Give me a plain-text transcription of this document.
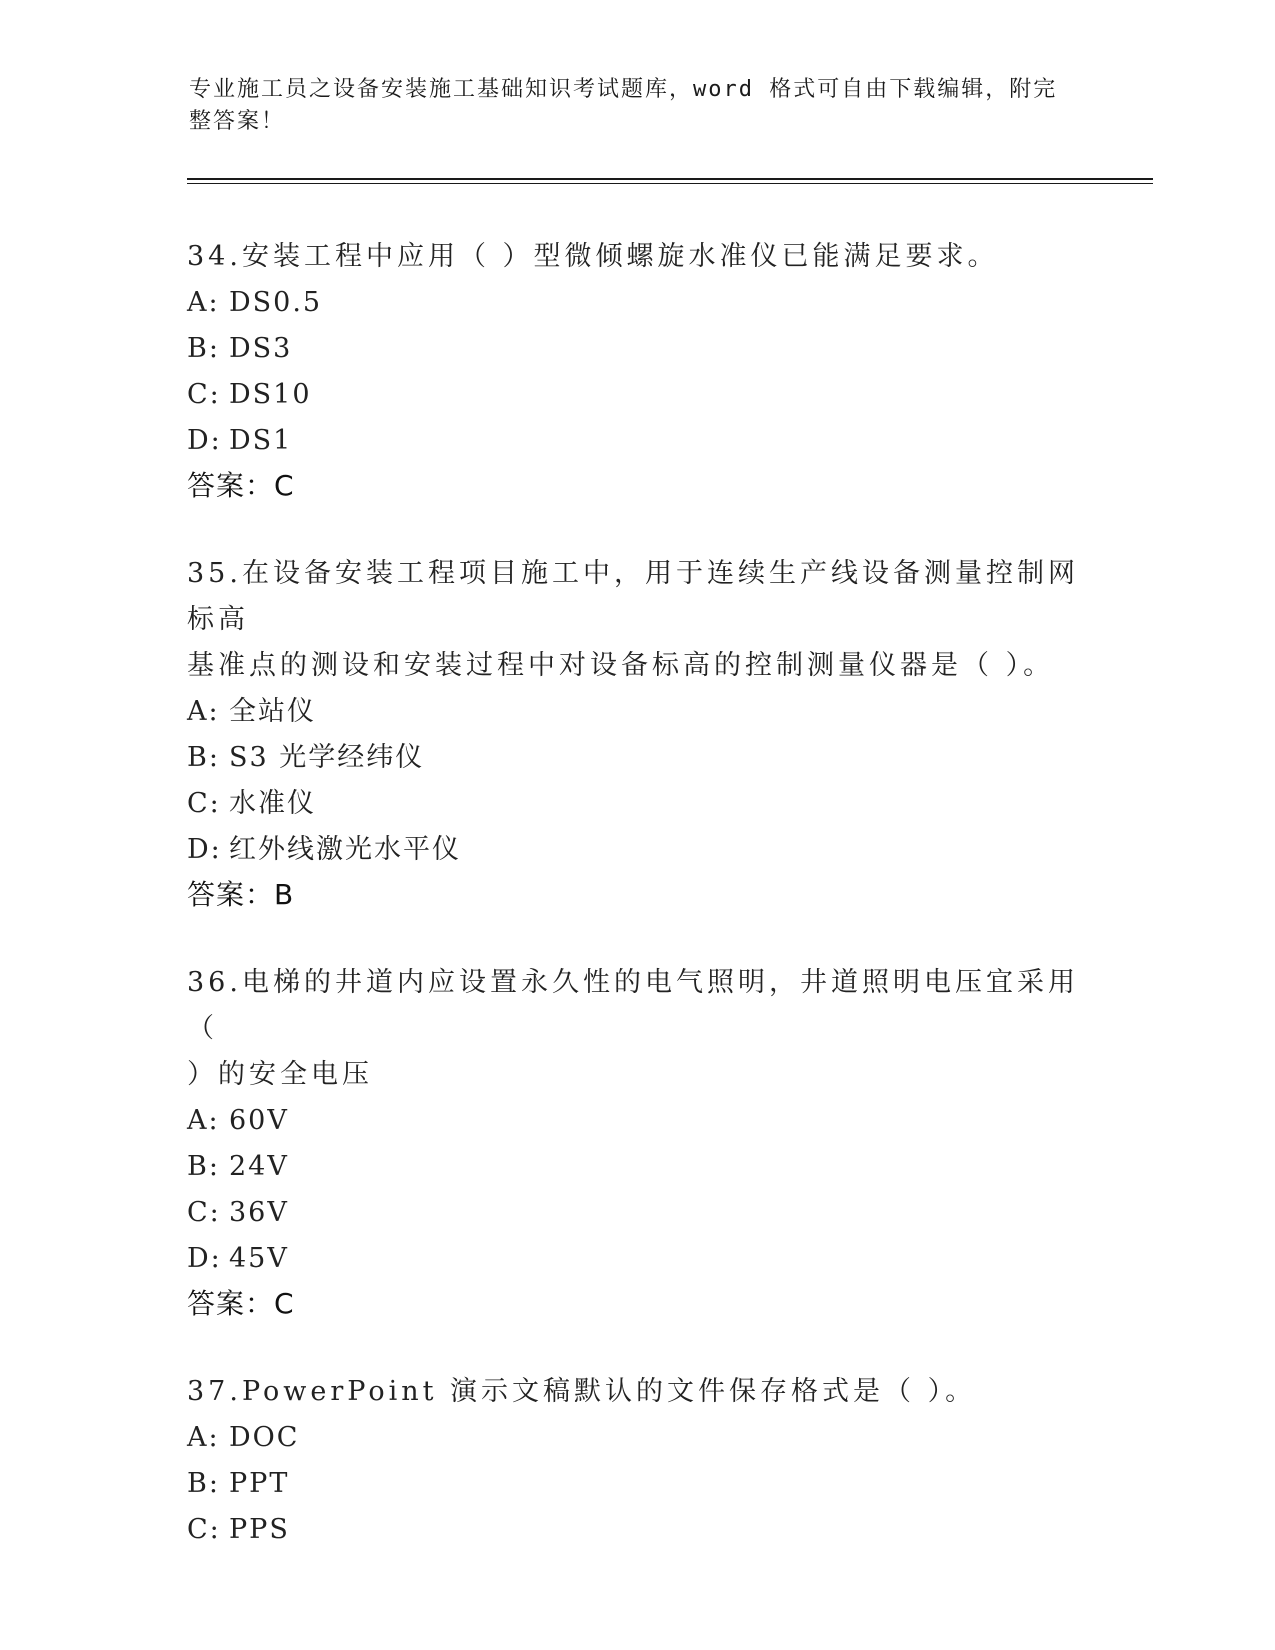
专业施工员之设备安装施工基础知识考试题库，word 格式可自由下载编辑，附完
整答案！
34.安装工程中应用（ ）型微倾螺旋水准仪已能满足要求。
A: DS0.5
B: DS3
C: DS10
D: DS1
答案：C
35.在设备安装工程项目施工中，用于连续生产线设备测量控制网标高
基准点的测设和安装过程中对设备标高的控制测量仪器是（ ）。
A: 全站仪
B: S3 光学经纬仪
C: 水准仪
D: 红外线激光水平仪
答案：B
36.电梯的井道内应设置永久性的电气照明，井道照明电压宜采用（
）的安全电压
A: 60V
B: 24V
C: 36V
D: 45V
答案：C
37.PowerPoint 演示文稿默认的文件保存格式是（ ）。
A: DOC
B: PPT
C: PPS
